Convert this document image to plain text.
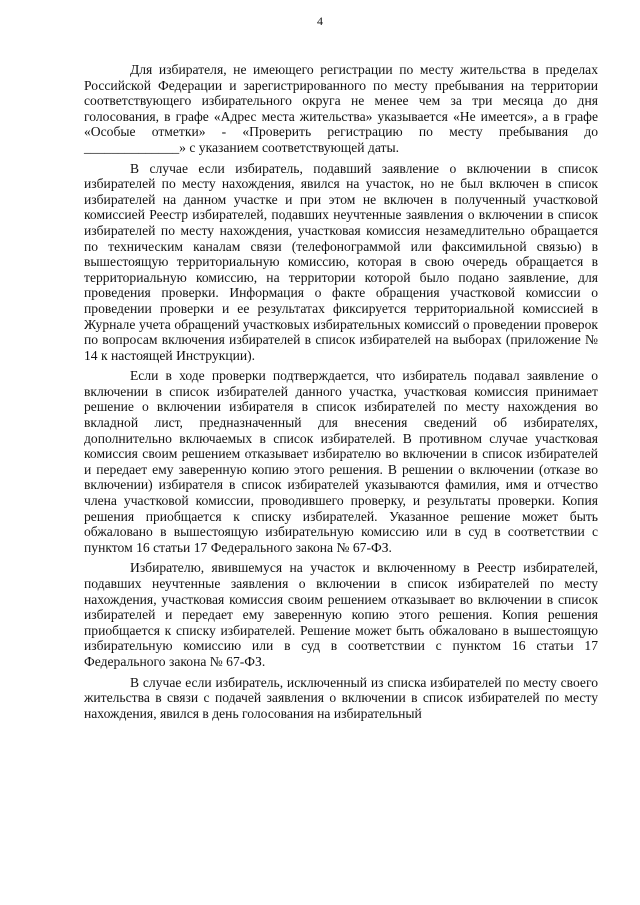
4

Для избирателя, не имеющего регистрации по месту жительства в пределах Российской Федерации и зарегистрированного по месту пребывания на территории соответствующего избирательного округа не менее чем за три месяца до дня голосования, в графе «Адрес места жительства» указывается «Не имеется», а в графе «Особые отметки» - «Проверить регистрацию по месту пребывания до ______________» с указанием соответствующей даты.

В случае если избиратель, подавший заявление о включении в список избирателей по месту нахождения, явился на участок, но не был включен в список избирателей на данном участке и при этом не включен в полученный участковой комиссией Реестр избирателей, подавших неучтенные заявления о включении в список избирателей по месту нахождения, участковая комиссия незамедлительно обращается по техническим каналам связи (телефонограммой или факсимильной связью) в вышестоящую территориальную комиссию, которая в свою очередь обращается в территориальную комиссию, на территории которой было подано заявление, для проведения проверки. Информация о факте обращения участковой комиссии о проведении проверки и ее результатах фиксируется территориальной комиссией в Журнале учета обращений участковых избирательных комиссий о проведении проверок по вопросам включения избирателей в список избирателей на выборах (приложение № 14 к настоящей Инструкции).

Если в ходе проверки подтверждается, что избиратель подавал заявление о включении в список избирателей данного участка, участковая комиссия принимает решение о включении избирателя в список избирателей по месту нахождения во вкладной лист, предназначенный для внесения сведений об избирателях, дополнительно включаемых в список избирателей. В противном случае участковая комиссия своим решением отказывает избирателю во включении в список избирателей и передает ему заверенную копию этого решения. В решении о включении (отказе во включении) избирателя в список избирателей указываются фамилия, имя и отчество члена участковой комиссии, проводившего проверку, и результаты проверки. Копия решения приобщается к списку избирателей. Указанное решение может быть обжаловано в вышестоящую избирательную комиссию или в суд в соответствии с пунктом 16 статьи 17 Федерального закона № 67-ФЗ.

Избирателю, явившемуся на участок и включенному в Реестр избирателей, подавших неучтенные заявления о включении в список избирателей по месту нахождения, участковая комиссия своим решением отказывает во включении в список избирателей и передает ему заверенную копию этого решения. Копия решения приобщается к списку избирателей. Решение может быть обжаловано в вышестоящую избирательную комиссию или в суд в соответствии с пунктом 16 статьи 17 Федерального закона № 67-ФЗ.

В случае если избиратель, исключенный из списка избирателей по месту своего жительства в связи с подачей заявления о включении в список избирателей по месту нахождения, явился в день голосования на избирательный
